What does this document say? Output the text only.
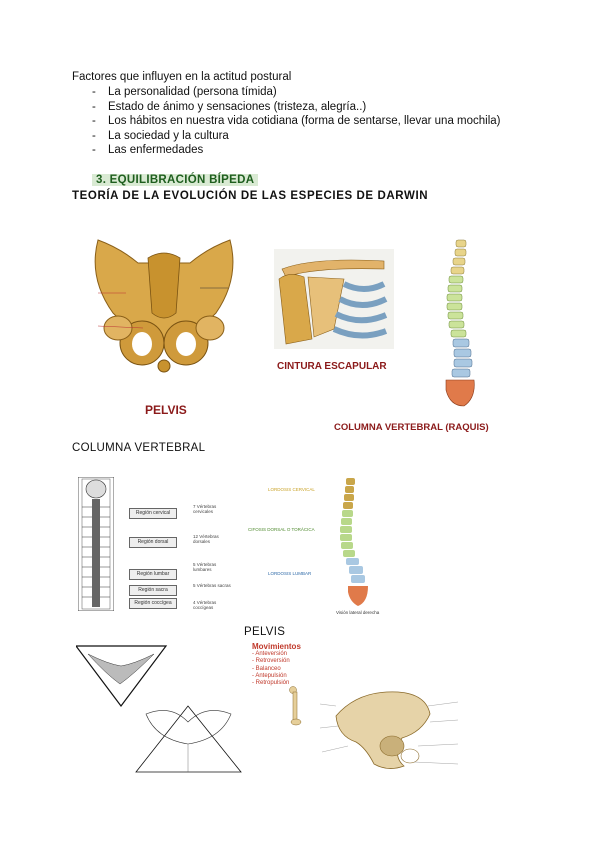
Factores que influyen en la actitud postural
- La personalidad (persona tímida)
- Estado de ánimo y sensaciones (tristeza, alegría..)
- Los hábitos en nuestra vida cotidiana (forma de sentarse, llevar una mochila)
- La sociedad y la cultura
- Las enfermedades
3. EQUILIBRACIÓN BÍPEDA
TEORÍA DE LA EVOLUCIÓN DE LAS ESPECIES DE DARWIN
PELVIS
CINTURA ESCAPULAR
COLUMNA VERTEBRAL (RAQUIS)
COLUMNA VERTEBRAL
Región cervical
Región dorsal
Región lumbar
Región sacra
Región coccígea
7 Vértebras cervicales
12 Vértebras dorsales
5 Vértebras lumbares
5 Vértebras sacras
4 Vértebras coccígeas
LORDOSIS CERVICAL
CIFOSIS DORSAL O TORÁCICA
LORDOSIS LUMBAR
Visión lateral derecha
PELVIS
Movimientos
- Anteversión
- Retroversión
- Balanceo
- Antepulsión
- Retropulsión
